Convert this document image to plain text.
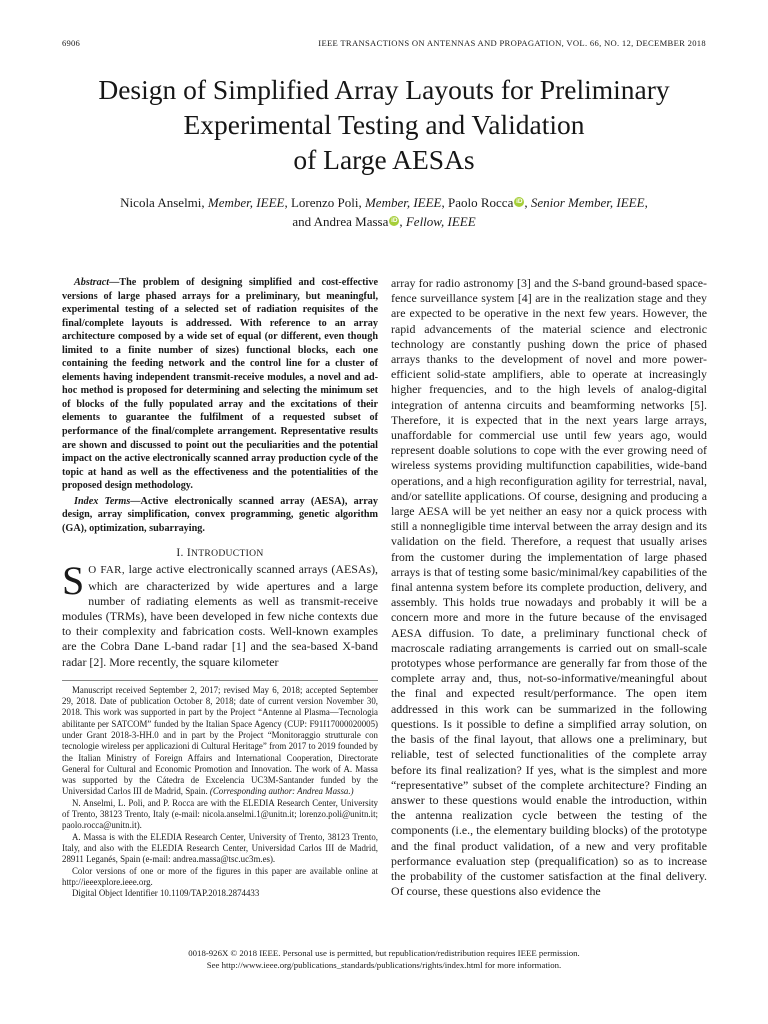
6906	IEEE TRANSACTIONS ON ANTENNAS AND PROPAGATION, VOL. 66, NO. 12, DECEMBER 2018
Design of Simplified Array Layouts for Preliminary
Experimental Testing and Validation
of Large AESAs
Nicola Anselmi, Member, IEEE, Lorenzo Poli, Member, IEEE, Paolo Rocca iD , Senior Member, IEEE,
and Andrea Massa iD , Fellow, IEEE

Abstract—The problem of designing simplified and cost-effective versions of large phased arrays for a preliminary, but meaningful, experimental testing of a selected set of radiation requisites of the final/complete layouts is addressed. With reference to an array architecture composed by a wide set of equal (or different, even though limited to a finite number of sizes) functional blocks, each one containing the feeding network and the control line for a cluster of elements having independent transmit-receive modules, a novel and ad-hoc method is proposed for determining and selecting the minimum set of blocks of the fully populated array and the excitations of their elements to guarantee the fulfilment of a requested subset of performance of the final/complete arrangement. Representative results are shown and discussed to point out the peculiarities and the potential impact on the active electronically scanned array production cycle of the topic at hand as well as the effectiveness and the potentialities of the proposed design methodology.

Index Terms—Active electronically scanned array (AESA), array design, array simplification, convex programming, genetic algorithm (GA), optimization, subarraying.

I. INTRODUCTION

S O FAR, large active electronically scanned arrays (AESAs), which are characterized by wide apertures and a large number of radiating elements as well as transmit-receive modules (TRMs), have been developed in few niche contexts due to their complexity and fabrication costs. Well-known examples are the Cobra Dane L-band radar [1] and the sea-based X-band radar [2]. More recently, the square kilometer

Manuscript received September 2, 2017; revised May 6, 2018; accepted September 29, 2018. Date of publication October 8, 2018; date of current version November 30, 2018. This work was supported in part by the Project “Antenne al Plasma—Tecnologia abilitante per SATCOM” funded by the Italian Space Agency (CUP: F91I17000020005) under Grant 2018-3-HH.0 and in part by the Project “Monitoraggio strutturale con tecnologie wireless per applicazioni di Cultural Heritage” from 2017 to 2019 founded by the Italian Ministry of Foreign Affairs and International Cooperation, Directorate General for Cultural and Economic Promotion and Innovation. The work of A. Massa was supported by the Cátedra de Excelencia UC3M-Santander funded by the Universidad Carlos III de Madrid, Spain. (Corresponding author: Andrea Massa.)

N. Anselmi, L. Poli, and P. Rocca are with the ELEDIA Research Center, University of Trento, 38123 Trento, Italy (e-mail: nicola.anselmi.1@unitn.it; lorenzo.poli@unitn.it; paolo.rocca@unitn.it).

A. Massa is with the ELEDIA Research Center, University of Trento, 38123 Trento, Italy, and also with the ELEDIA Research Center, Universidad Carlos III de Madrid, 28911 Leganés, Spain (e-mail: andrea.massa@tsc.uc3m.es).

Color versions of one or more of the figures in this paper are available online at http://ieeexplore.ieee.org.

Digital Object Identifier 10.1109/TAP.2018.2874433

array for radio astronomy [3] and the S-band ground-based space-fence surveillance system [4] are in the realization stage and they are expected to be operative in the next few years. However, the rapid advancements of the material science and electronic technology are constantly pushing down the price of phased arrays thanks to the development of novel and more power-efficient solid-state amplifiers, able to operate at increasingly higher frequencies, and to the high levels of analog-digital integration of antenna circuits and beamforming networks [5]. Therefore, it is expected that in the next years large arrays, unaffordable for commercial use until few years ago, would represent doable solutions to cope with the ever growing need of wireless systems providing multifunction capabilities, wide-band operations, and a high reconfiguration agility for terrestrial, naval, and/or satellite applications. Of course, designing and producing a large AESA will be yet neither an easy nor a quick process with still a nonnegligible time interval between the array design and its validation on the field. Therefore, a request that usually arises from the customer during the implementation of large phased arrays is that of testing some basic/minimal/key capabilities of the final antenna system before its complete production, delivery, and assembly. This holds true nowadays and probably it will be a concern more and more in the future because of the envisaged AESA diffusion. To date, a preliminary functional check of macroscale radiating arrangements is carried out on small-scale prototypes whose performance are generally far from those of the complete array and, thus, not-so-informative/meaningful about the final and expected result/performance. The open item addressed in this work can be summarized in the following questions. Is it possible to define a simplified array solution, on the basis of the final layout, that allows one a preliminary, but reliable, test of selected functionalities of the complete array before its final realization? If yes, what is the simplest and more “representative” subset of the complete architecture? Finding an answer to these questions would enable the introduction, within the antenna realization cycle between the testing of the components (i.e., the elementary building blocks) of the prototype and the final product validation, of a new and very profitable performance evaluation step (prequalification) so as to increase the probability of the customer satisfaction at the final delivery. Of course, these questions also evidence the

0018-926X © 2018 IEEE. Personal use is permitted, but republication/redistribution requires IEEE permission.
See http://www.ieee.org/publications_standards/publications/rights/index.html for more information.
